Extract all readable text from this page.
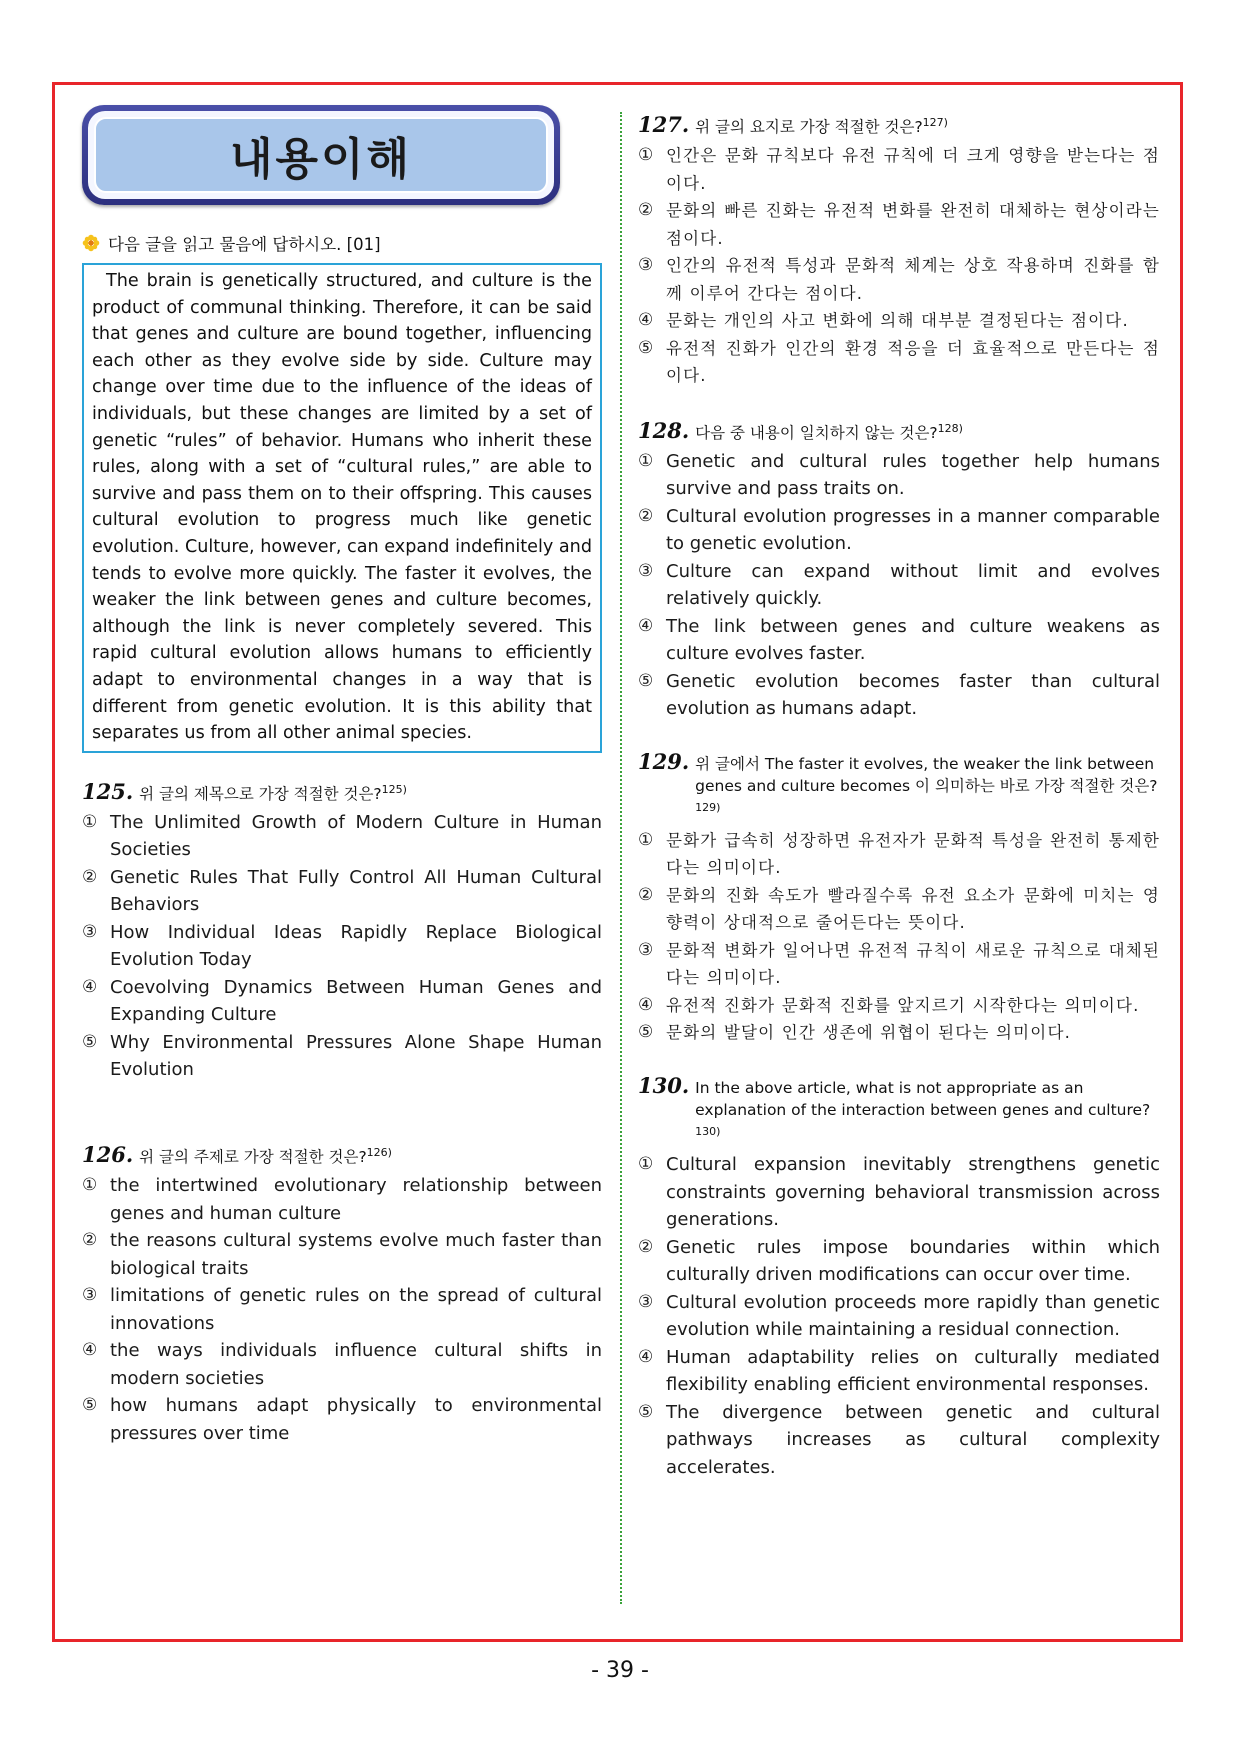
내용이해
다음 글을 읽고 물음에 답하시오. [01]
The brain is genetically structured, and culture is the product of communal thinking. Therefore, it can be said that genes and culture are bound together, influencing each other as they evolve side by side. Culture may change over time due to the influence of the ideas of individuals, but these changes are limited by a set of genetic “rules” of behavior. Humans who inherit these rules, along with a set of “cultural rules,” are able to survive and pass them on to their offspring. This causes cultural evolution to progress much like genetic evolution. Culture, however, can expand indefinitely and tends to evolve more quickly. The faster it evolves, the weaker the link between genes and culture becomes, although the link is never completely severed. This rapid cultural evolution allows humans to efficiently adapt to environmental changes in a way that is different from genetic evolution. It is this ability that separates us from all other animal species.
125. 위 글의 제목으로 가장 적절한 것은?$^{125)}$
① The Unlimited Growth of Modern Culture in Human Societies
② Genetic Rules That Fully Control All Human Cultural Behaviors
③ How Individual Ideas Rapidly Replace Biological Evolution Today
④ Coevolving Dynamics Between Human Genes and Expanding Culture
⑤ Why Environmental Pressures Alone Shape Human Evolution
126. 위 글의 주제로 가장 적절한 것은?$^{126)}$
① the intertwined evolutionary relationship between genes and human culture
② the reasons cultural systems evolve much faster than biological traits
③ limitations of genetic rules on the spread of cultural innovations
④ the ways individuals influence cultural shifts in modern societies
⑤ how humans adapt physically to environmental pressures over time
127. 위 글의 요지로 가장 적절한 것은?$^{127)}$
① 인간은 문화 규칙보다 유전 규칙에 더 크게 영향을 받는다는 점이다.
② 문화의 빠른 진화는 유전적 변화를 완전히 대체하는 현상이라는 점이다.
③ 인간의 유전적 특성과 문화적 체계는 상호 작용하며 진화를 함께 이루어 간다는 점이다.
④ 문화는 개인의 사고 변화에 의해 대부분 결정된다는 점이다.
⑤ 유전적 진화가 인간의 환경 적응을 더 효율적으로 만든다는 점이다.
128. 다음 중 내용이 일치하지 않는 것은?$^{128)}$
① Genetic and cultural rules together help humans survive and pass traits on.
② Cultural evolution progresses in a manner comparable to genetic evolution.
③ Culture can expand without limit and evolves relatively quickly.
④ The link between genes and culture weakens as culture evolves faster.
⑤ Genetic evolution becomes faster than cultural evolution as humans adapt.
129. 위 글에서 The faster it evolves, the weaker the link between genes and culture becomes 이 의미하는 바로 가장 적절한 것은?$^{129)}$
① 문화가 급속히 성장하면 유전자가 문화적 특성을 완전히 통제한다는 의미이다.
② 문화의 진화 속도가 빨라질수록 유전 요소가 문화에 미치는 영향력이 상대적으로 줄어든다는 뜻이다.
③ 문화적 변화가 일어나면 유전적 규칙이 새로운 규칙으로 대체된다는 의미이다.
④ 유전적 진화가 문화적 진화를 앞지르기 시작한다는 의미이다.
⑤ 문화의 발달이 인간 생존에 위협이 된다는 의미이다.
130. In the above article, what is not appropriate as an explanation of the interaction between genes and culture?$^{130)}$
① Cultural expansion inevitably strengthens genetic constraints governing behavioral transmission across generations.
② Genetic rules impose boundaries within which culturally driven modifications can occur over time.
③ Cultural evolution proceeds more rapidly than genetic evolution while maintaining a residual connection.
④ Human adaptability relies on culturally mediated flexibility enabling efficient environmental responses.
⑤ The divergence between genetic and cultural pathways increases as cultural complexity accelerates.
- 39 -
